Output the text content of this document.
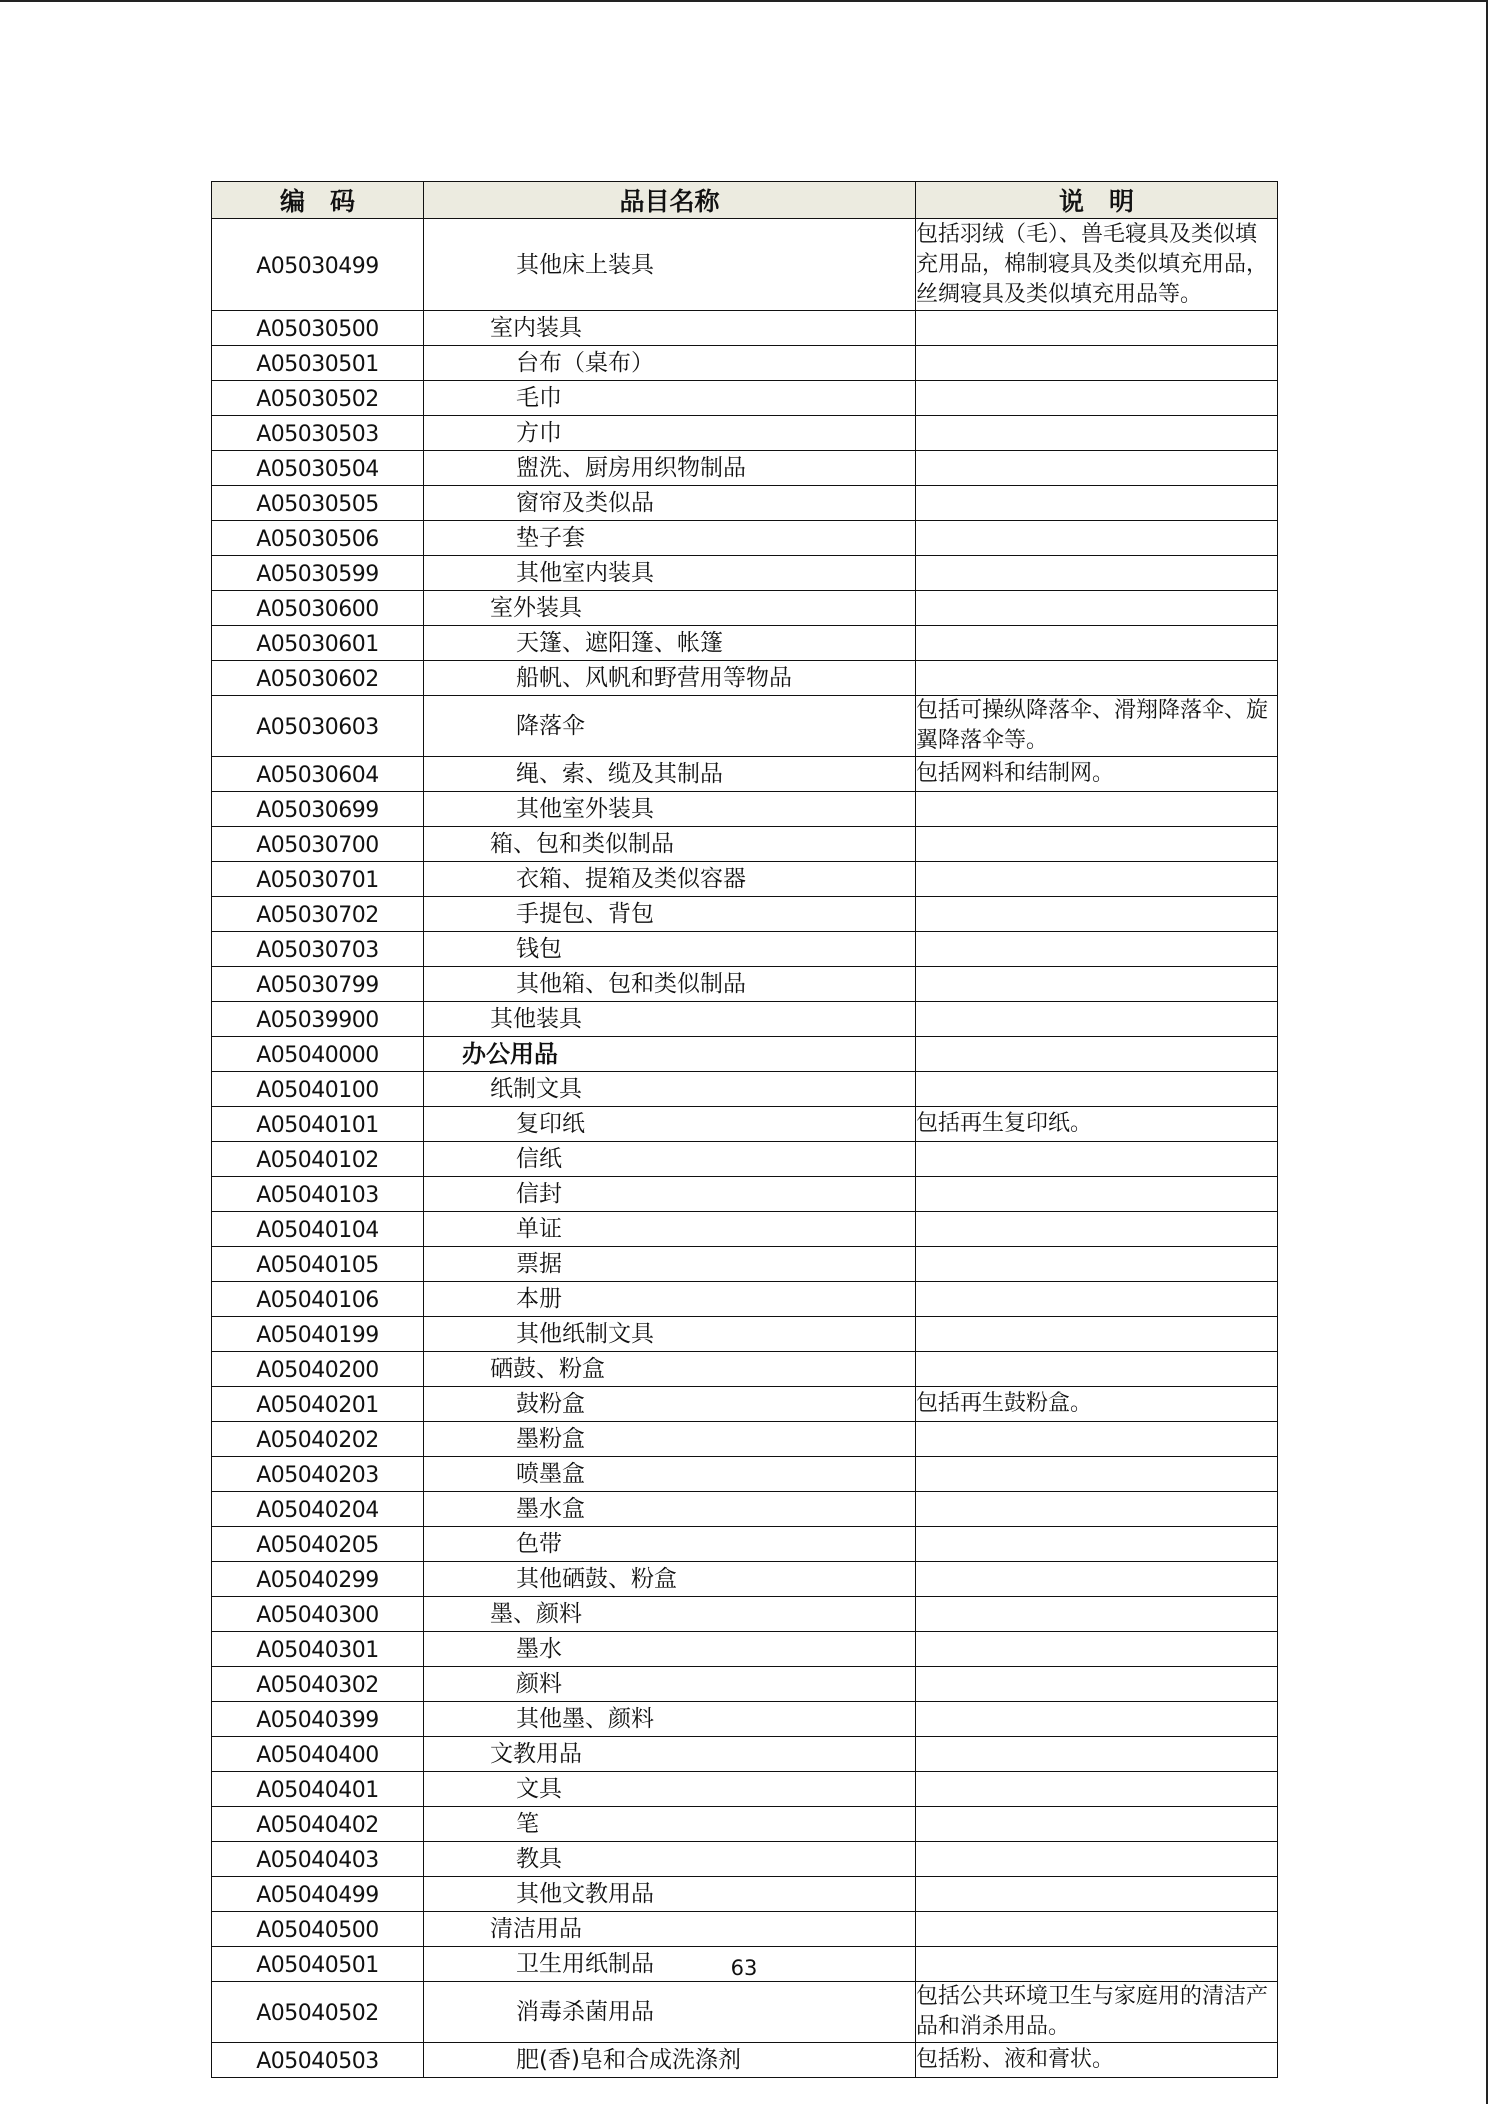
编　码	品目名称	说　明
A05030499	其他床上装具	包括羽绒（毛）、兽毛寝具及类似填充用品，棉制寝具及类似填充用品，丝绸寝具及类似填充用品等。
A05030500	室内装具	
A05030501	台布（桌布）	
A05030502	毛巾	
A05030503	方巾	
A05030504	盥洗、厨房用织物制品	
A05030505	窗帘及类似品	
A05030506	垫子套	
A05030599	其他室内装具	
A05030600	室外装具	
A05030601	天篷、遮阳篷、帐篷	
A05030602	船帆、风帆和野营用等物品	
A05030603	降落伞	包括可操纵降落伞、滑翔降落伞、旋翼降落伞等。
A05030604	绳、索、缆及其制品	包括网料和结制网。
A05030699	其他室外装具	
A05030700	箱、包和类似制品	
A05030701	衣箱、提箱及类似容器	
A05030702	手提包、背包	
A05030703	钱包	
A05030799	其他箱、包和类似制品	
A05039900	其他装具	
A05040000	办公用品	
A05040100	纸制文具	
A05040101	复印纸	包括再生复印纸。
A05040102	信纸	
A05040103	信封	
A05040104	单证	
A05040105	票据	
A05040106	本册	
A05040199	其他纸制文具	
A05040200	硒鼓、粉盒	
A05040201	鼓粉盒	包括再生鼓粉盒。
A05040202	墨粉盒	
A05040203	喷墨盒	
A05040204	墨水盒	
A05040205	色带	
A05040299	其他硒鼓、粉盒	
A05040300	墨、颜料	
A05040301	墨水	
A05040302	颜料	
A05040399	其他墨、颜料	
A05040400	文教用品	
A05040401	文具	
A05040402	笔	
A05040403	教具	
A05040499	其他文教用品	
A05040500	清洁用品	
A05040501	卫生用纸制品	
A05040502	消毒杀菌用品	包括公共环境卫生与家庭用的清洁产品和消杀用品。
A05040503	肥(香)皂和合成洗涤剂	包括粉、液和膏状。
63
